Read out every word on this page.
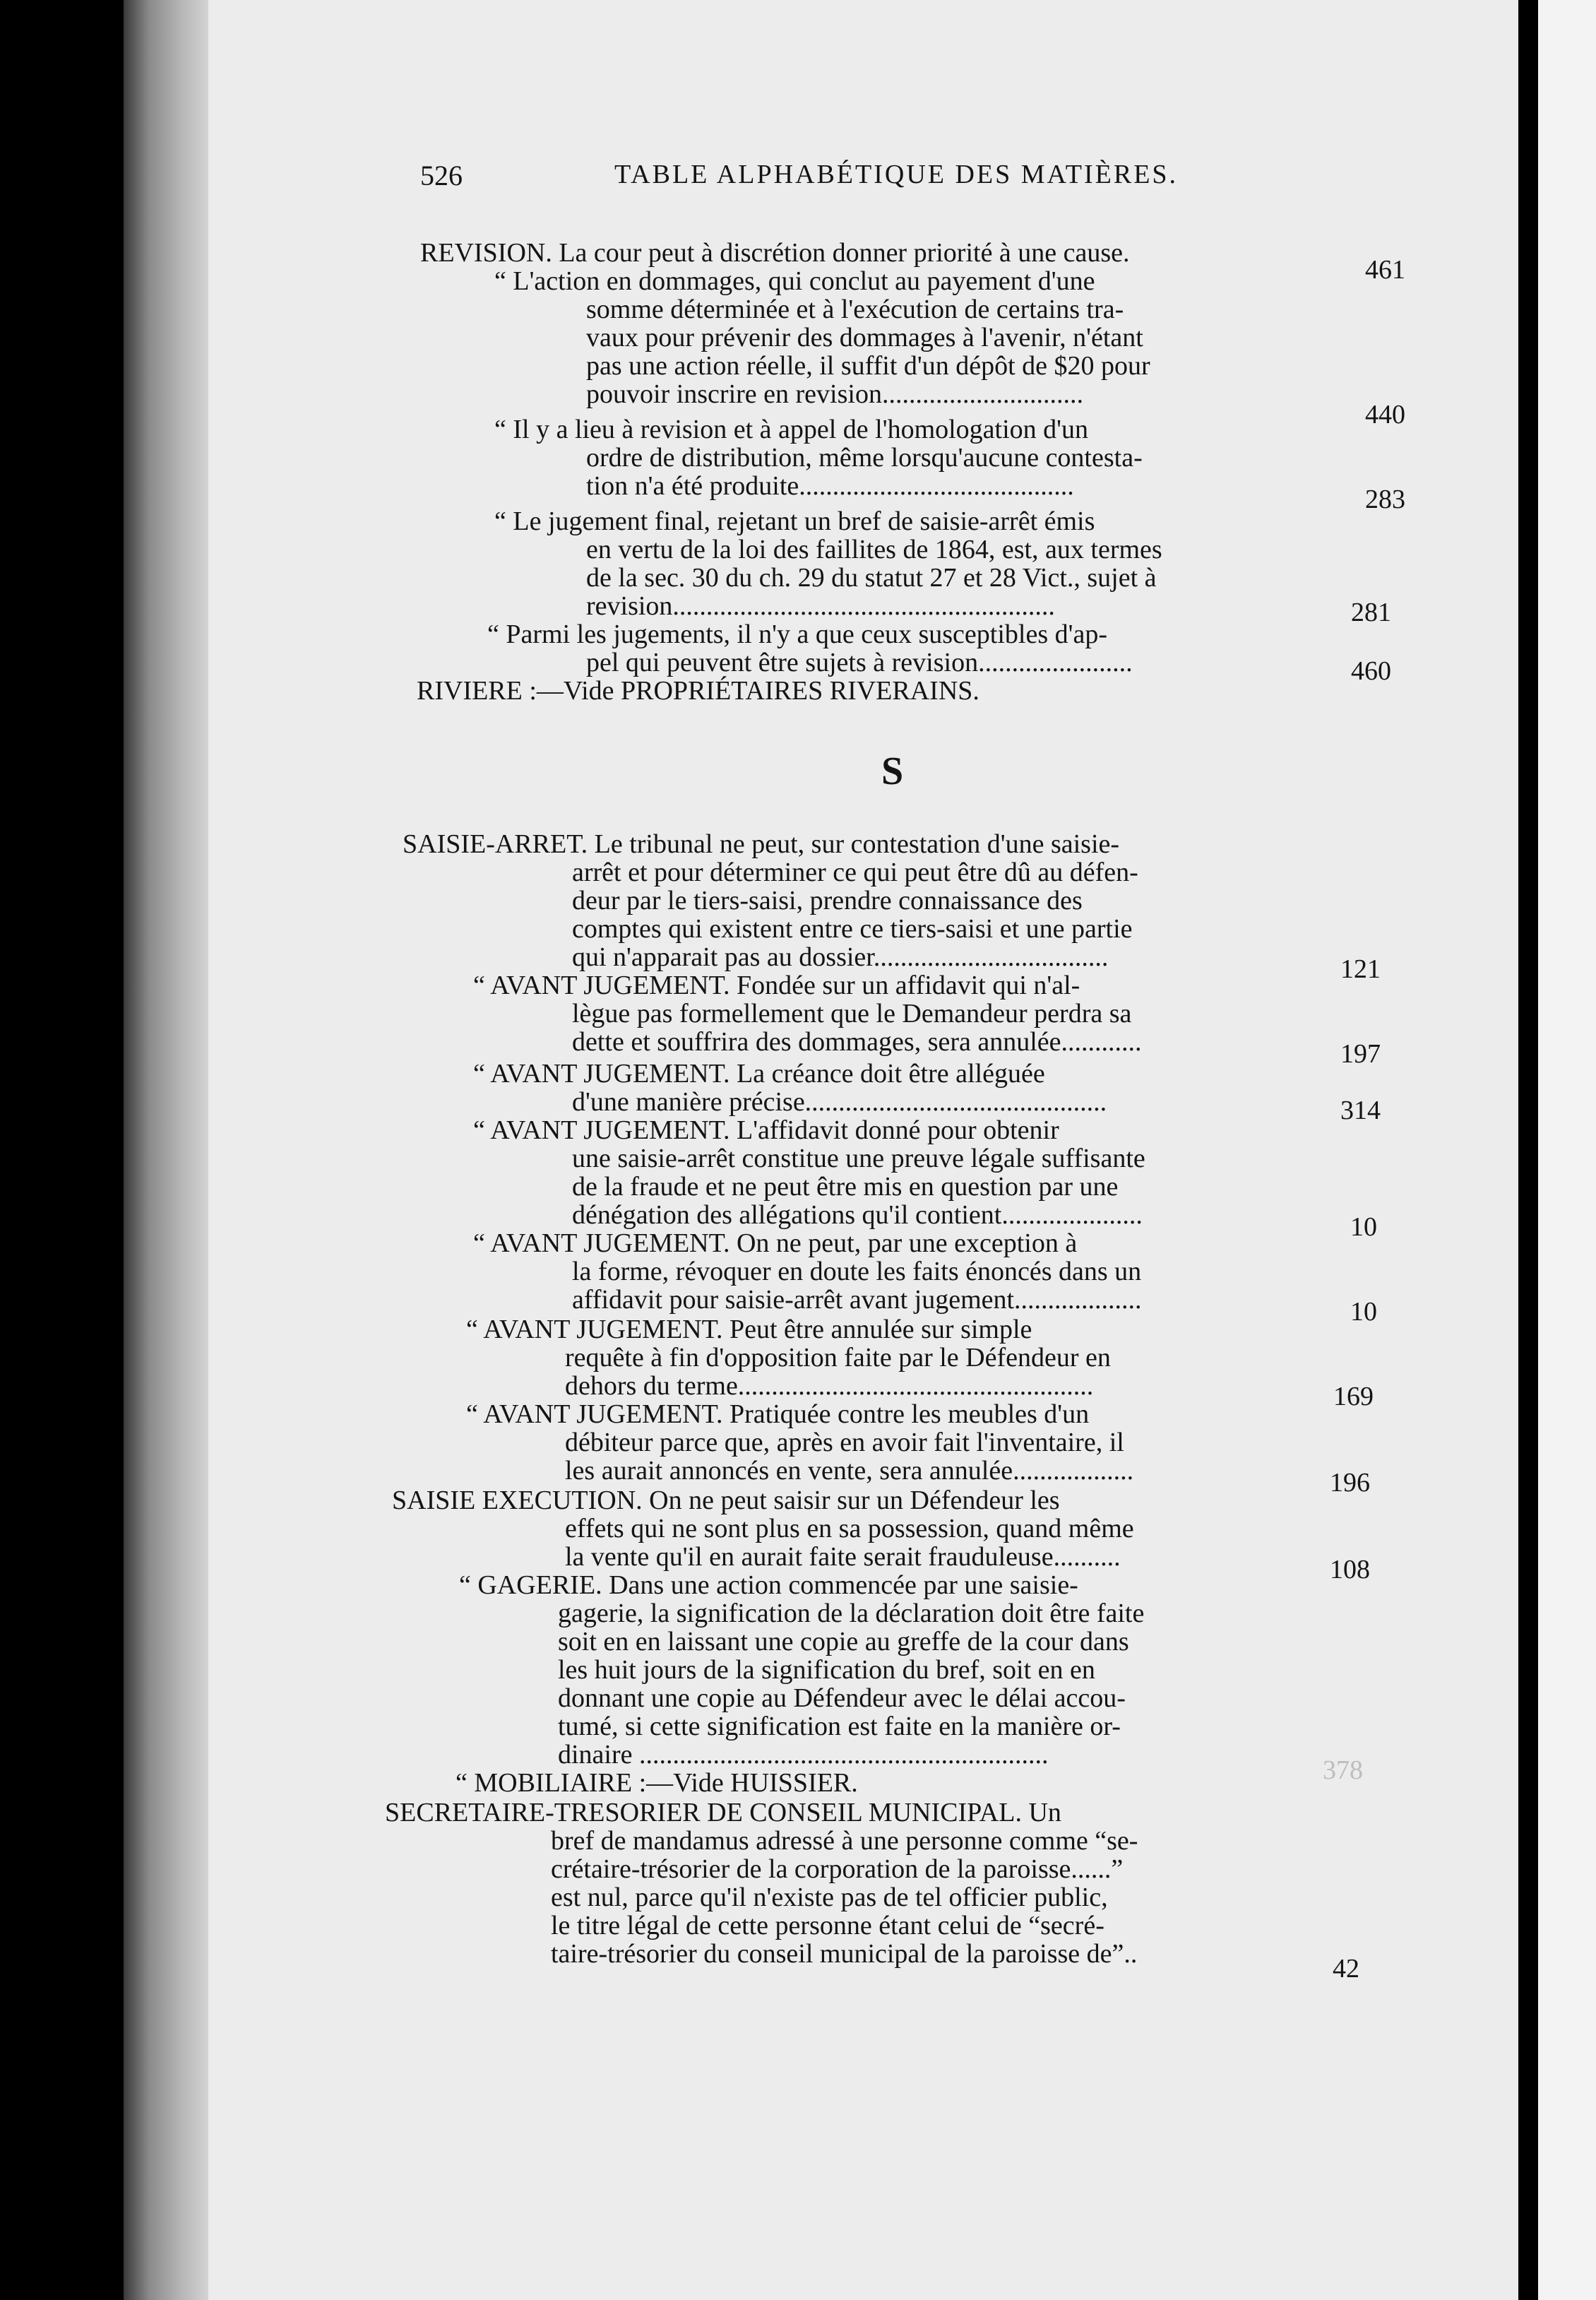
526	TABLE ALPHABÉTIQUE DES MATIÈRES.
S
REVISION. La cour peut à discrétion donner priorité à une cause.
“ L'action en dommages, qui conclut au payement d'une
somme déterminée et à l'exécution de certains tra-
vaux pour prévenir des dommages à l'avenir, n'étant
pas une action réelle, il suffit d'un dépôt de $20 pour
pouvoir inscrire en revision..............................
“ Il y a lieu à revision et à appel de l'homologation d'un
ordre de distribution, même lorsqu'aucune contesta-
tion n'a été produite.........................................
“ Le jugement final, rejetant un bref de saisie-arrêt émis
en vertu de la loi des faillites de 1864, est, aux termes
de la sec. 30 du ch. 29 du statut 27 et 28 Vict., sujet à
revision.........................................................
“ Parmi les jugements, il n'y a que ceux susceptibles d'ap-
pel qui peuvent être sujets à revision.......................
RIVIERE :—Vide PROPRIÉTAIRES RIVERAINS.
SAISIE-ARRET. Le tribunal ne peut, sur contestation d'une saisie-
arrêt et pour déterminer ce qui peut être dû au défen-
deur par le tiers-saisi, prendre connaissance des
comptes qui existent entre ce tiers-saisi et une partie
qui n'apparait pas au dossier...................................
“ AVANT JUGEMENT. Fondée sur un affidavit qui n'al-
lègue pas formellement que le Demandeur perdra sa
dette et souffrira des dommages, sera annulée............
“ AVANT JUGEMENT. La créance doit être alléguée
d'une manière précise.............................................
“ AVANT JUGEMENT. L'affidavit donné pour obtenir
une saisie-arrêt constitue une preuve légale suffisante
de la fraude et ne peut être mis en question par une
dénégation des allégations qu'il contient.....................
“ AVANT JUGEMENT. On ne peut, par une exception à
la forme, révoquer en doute les faits énoncés dans un
affidavit pour saisie-arrêt avant jugement...................
“ AVANT JUGEMENT. Peut être annulée sur simple
requête à fin d'opposition faite par le Défendeur en
dehors du terme.....................................................
“ AVANT JUGEMENT. Pratiquée contre les meubles d'un
débiteur parce que, après en avoir fait l'inventaire, il
les aurait annoncés en vente, sera annulée..................
SAISIE EXECUTION. On ne peut saisir sur un Défendeur les
effets qui ne sont plus en sa possession, quand même
la vente qu'il en aurait faite serait frauduleuse..........
“ GAGERIE. Dans une action commencée par une saisie-
gagerie, la signification de la déclaration doit être faite
soit en en laissant une copie au greffe de la cour dans
les huit jours de la signification du bref, soit en en
donnant une copie au Défendeur avec le délai accou-
tumé, si cette signification est faite en la manière or-
dinaire .............................................................
“ MOBILIAIRE :—Vide HUISSIER.
SECRETAIRE-TRESORIER DE CONSEIL MUNICIPAL. Un
bref de mandamus adressé à une personne comme “se-
crétaire-trésorier de la corporation de la paroisse......”
est nul, parce qu'il n'existe pas de tel officier public,
le titre légal de cette personne étant celui de “secré-
taire-trésorier du conseil municipal de la paroisse de”..
461
440
283
281
460
121
197
314
10
10
169
196
108
378
42
